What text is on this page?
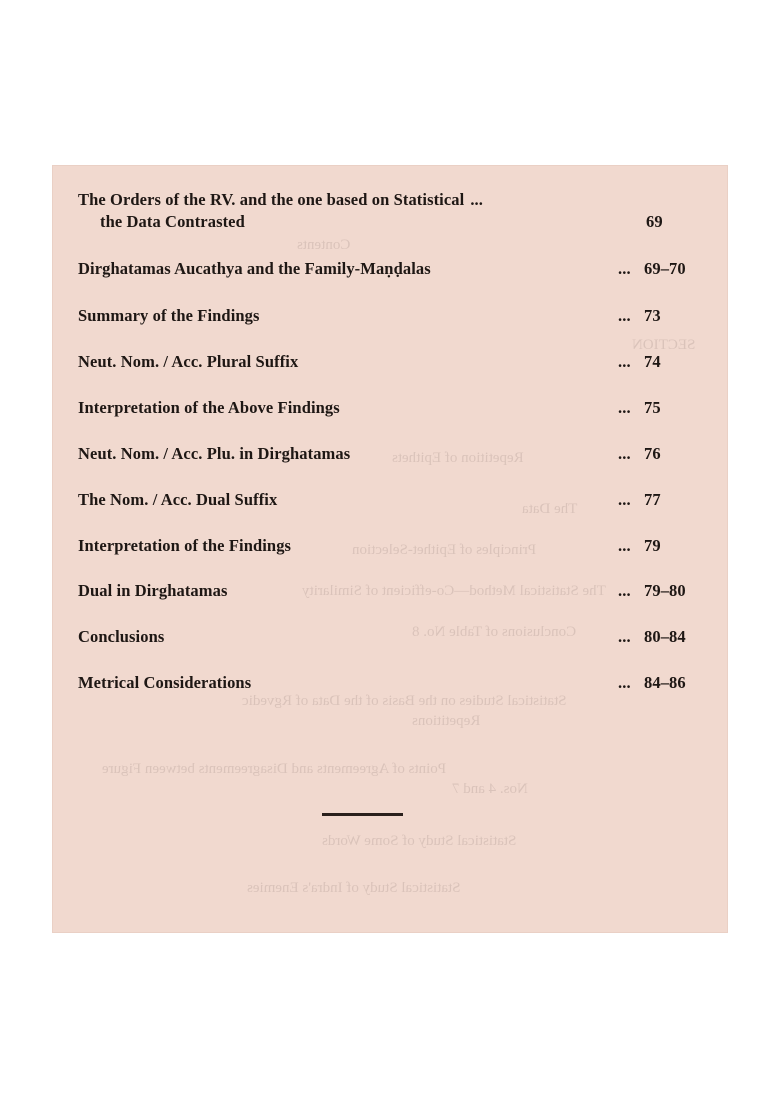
Contents
SECTION
Repetition of Epithets
The Data
Principles of Epithet-Selection
The Statistical Method—Co-efficient of Similarity
Conclusions of Table No. 8
Statistical Studies on the Basis of the Data of Rgvedic
Repetitions
Points of Agreements and Disagreements between Figure
Nos. 4 and 7
Statistical Study of Some Words
Statistical Study of Indra's Enemies
The Orders of the RV. and the one based on Statistical ...
the Data Contrasted	69
Dirghatamas Aucathya and the Family-Maṇḍalas	... 69–70
Summary of the Findings	... 73
Neut. Nom. / Acc. Plural Suffix	... 74
Interpretation of the Above Findings	... 75
Neut. Nom. / Acc. Plu. in Dirghatamas	... 76
The Nom. / Acc. Dual Suffix	... 77
Interpretation of the Findings	... 79
Dual in Dirghatamas	... 79–80
Conclusions	... 80–84
Metrical Considerations	... 84–86
